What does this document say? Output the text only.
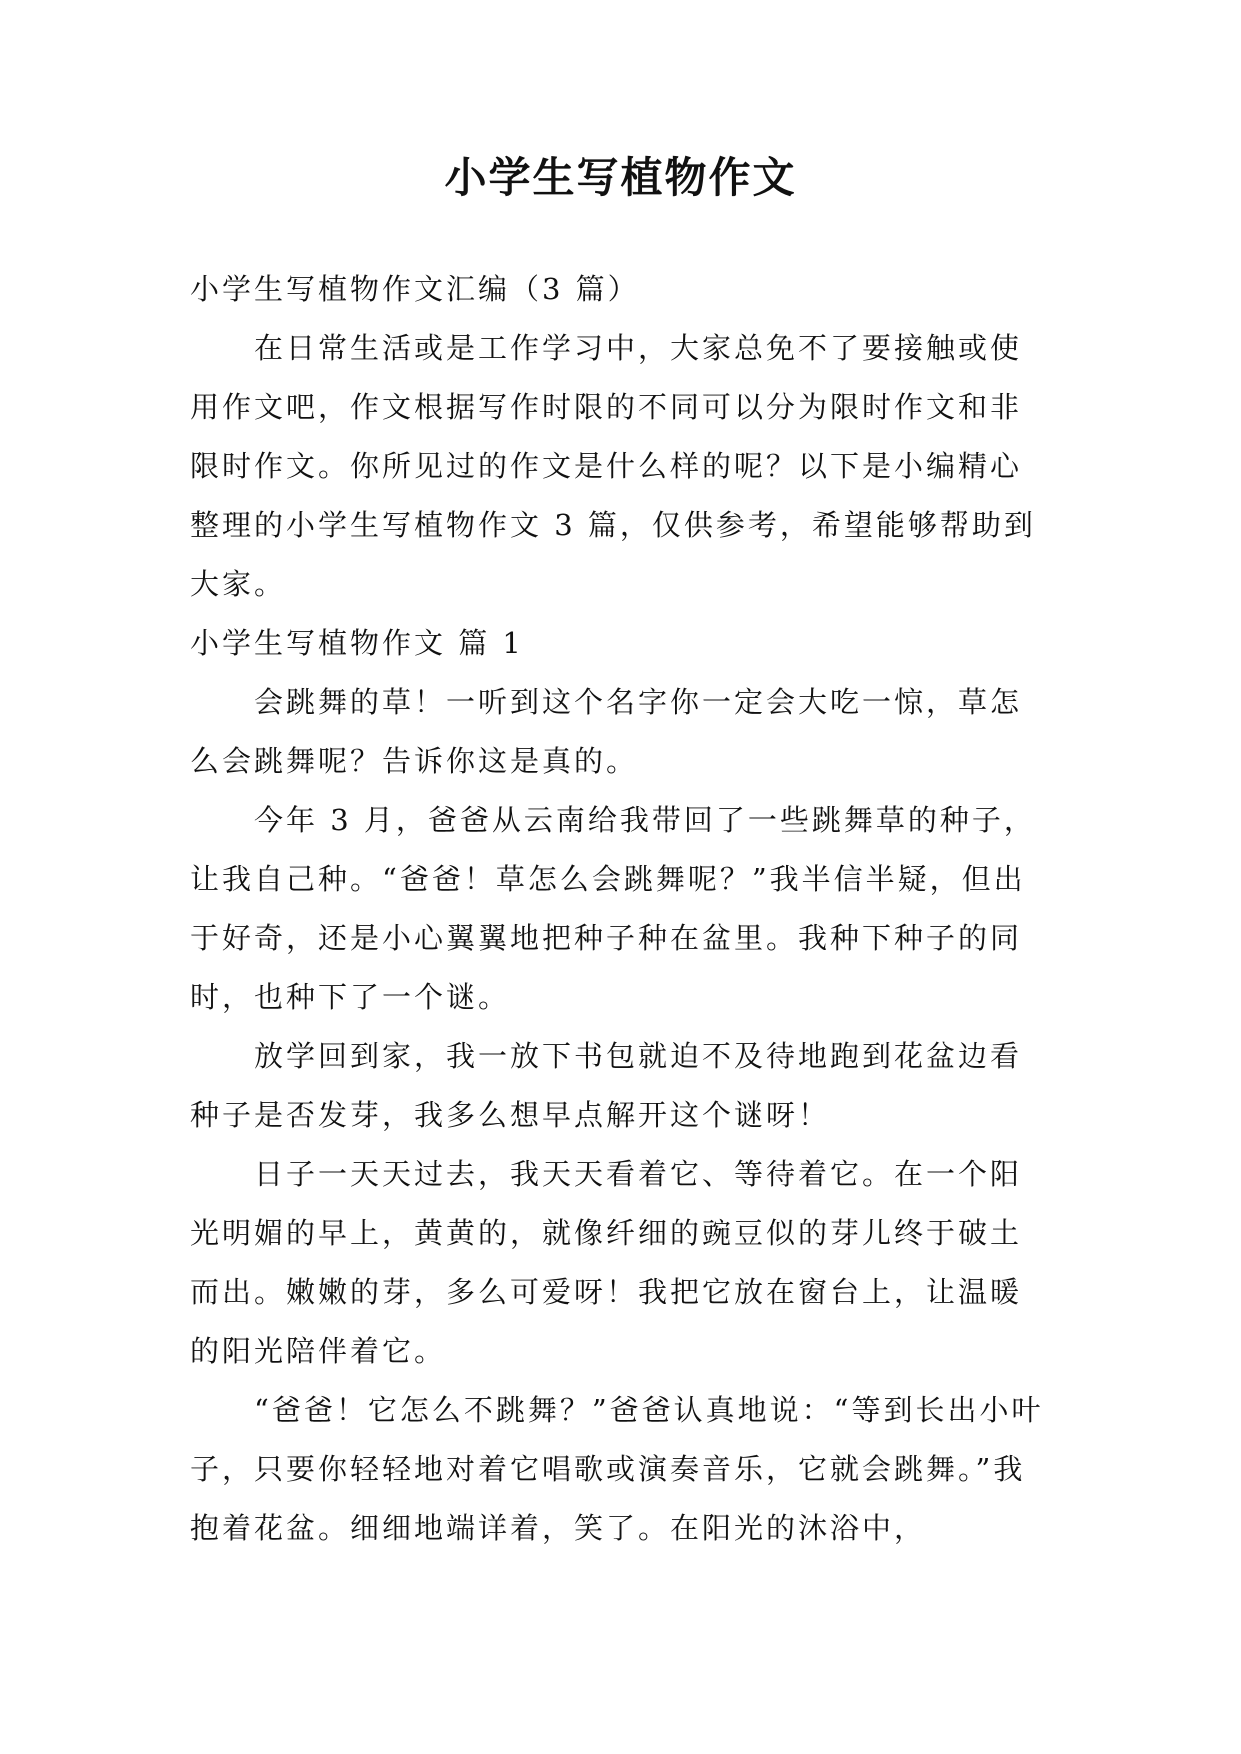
小学生写植物作文

小学生写植物作文汇编（3 篇）

在日常生活或是工作学习中，大家总免不了要接触或使用作文吧，作文根据写作时限的不同可以分为限时作文和非限时作文。你所见过的作文是什么样的呢？以下是小编精心整理的小学生写植物作文 3 篇，仅供参考，希望能够帮助到大家。

小学生写植物作文 篇 1

会跳舞的草！一听到这个名字你一定会大吃一惊，草怎么会跳舞呢？告诉你这是真的。

今年 3 月，爸爸从云南给我带回了一些跳舞草的种子，让我自己种。“爸爸！草怎么会跳舞呢？”我半信半疑，但出于好奇，还是小心翼翼地把种子种在盆里。我种下种子的同时，也种下了一个谜。

放学回到家，我一放下书包就迫不及待地跑到花盆边看种子是否发芽，我多么想早点解开这个谜呀！

日子一天天过去，我天天看着它、等待着它。在一个阳光明媚的早上，黄黄的，就像纤细的豌豆似的芽儿终于破土而出。嫩嫩的芽，多么可爱呀！我把它放在窗台上，让温暖的阳光陪伴着它。

“爸爸！它怎么不跳舞？”爸爸认真地说：“等到长出小叶子，只要你轻轻地对着它唱歌或演奏音乐，它就会跳舞。”我抱着花盆。细细地端详着，笑了。在阳光的沐浴中，
